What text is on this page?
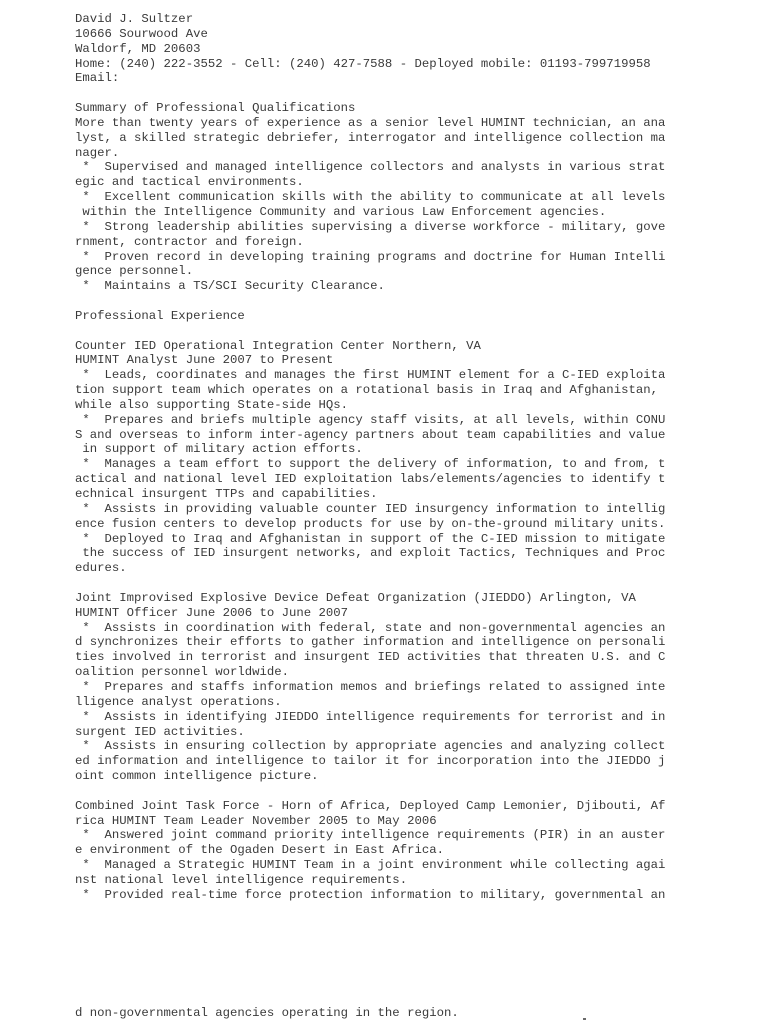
David J. Sultzer
10666 Sourwood Ave
Waldorf, MD 20603
Home: (240) 222-3552 - Cell: (240) 427-7588 - Deployed mobile: 01193-799719958
Email:
Summary of Professional Qualifications
More than twenty years of experience as a senior level HUMINT technician, an ana
lyst, a skilled strategic debriefer, interrogator and intelligence collection ma
nager.
*  Supervised and managed intelligence collectors and analysts in various strat
egic and tactical environments.
*  Excellent communication skills with the ability to communicate at all levels
within the Intelligence Community and various Law Enforcement agencies.
*  Strong leadership abilities supervising a diverse workforce - military, gove
rnment, contractor and foreign.
*  Proven record in developing training programs and doctrine for Human Intelli
gence personnel.
*  Maintains a TS/SCI Security Clearance.
Professional Experience
Counter IED Operational Integration Center Northern, VA
HUMINT Analyst June 2007 to Present
*  Leads, coordinates and manages the first HUMINT element for a C-IED exploita
tion support team which operates on a rotational basis in Iraq and Afghanistan,
while also supporting State-side HQs.
*  Prepares and briefs multiple agency staff visits, at all levels, within CONU
S and overseas to inform inter-agency partners about team capabilities and value
in support of military action efforts.
*  Manages a team effort to support the delivery of information, to and from, t
actical and national level IED exploitation labs/elements/agencies to identify t
echnical insurgent TTPs and capabilities.
*  Assists in providing valuable counter IED insurgency information to intellig
ence fusion centers to develop products for use by on-the-ground military units.
*  Deployed to Iraq and Afghanistan in support of the C-IED mission to mitigate
the success of IED insurgent networks, and exploit Tactics, Techniques and Proc
edures.
Joint Improvised Explosive Device Defeat Organization (JIEDDO) Arlington, VA
HUMINT Officer June 2006 to June 2007
*  Assists in coordination with federal, state and non-governmental agencies an
d synchronizes their efforts to gather information and intelligence on personali
ties involved in terrorist and insurgent IED activities that threaten U.S. and C
oalition personnel worldwide.
*  Prepares and staffs information memos and briefings related to assigned inte
lligence analyst operations.
*  Assists in identifying JIEDDO intelligence requirements for terrorist and in
surgent IED activities.
*  Assists in ensuring collection by appropriate agencies and analyzing collect
ed information and intelligence to tailor it for incorporation into the JIEDDO j
oint common intelligence picture.
Combined Joint Task Force - Horn of Africa, Deployed Camp Lemonier, Djibouti, Af
rica HUMINT Team Leader November 2005 to May 2006
*  Answered joint command priority intelligence requirements (PIR) in an auster
e environment of the Ogaden Desert in East Africa.
*  Managed a Strategic HUMINT Team in a joint environment while collecting agai
nst national level intelligence requirements.
*  Provided real-time force protection information to military, governmental an
d non-governmental agencies operating in the region.
